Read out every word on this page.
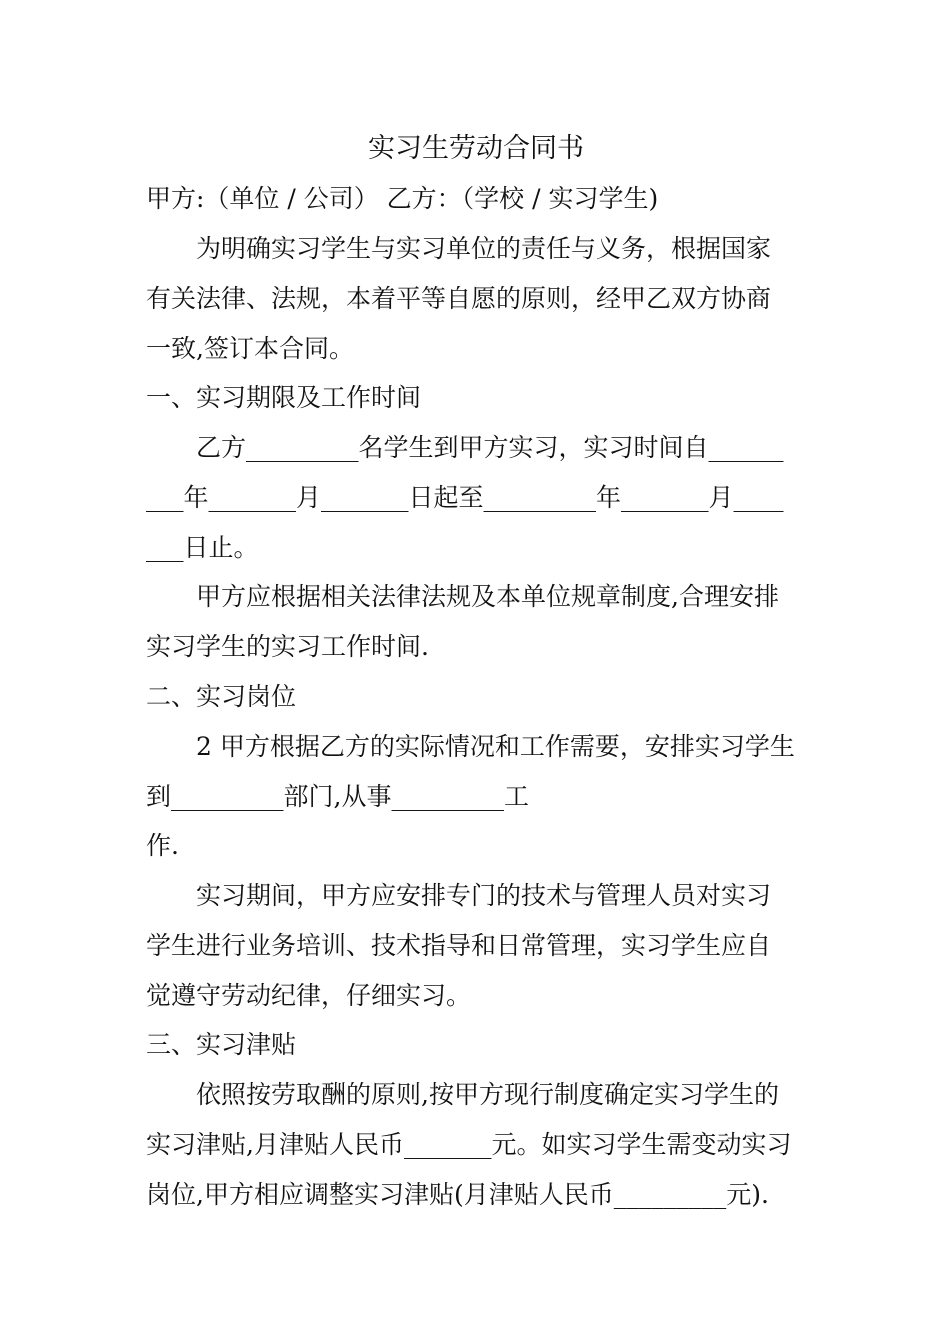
实习生劳动合同书
甲方:（单位 / 公司） 乙方：（学校 / 实习学生)
为明确实习学生与实习单位的责任与义务，根据国家
有关法律、法规，本着平等自愿的原则，经甲乙双方协商
一致,签订本合同。
一、实习期限及工作时间
乙方_________名学生到甲方实习，实习时间自______
___年_______月_______日起至_________年_______月____
___日止。
甲方应根据相关法律法规及本单位规章制度,合理安排
实习学生的实习工作时间.
二、实习岗位
2 甲方根据乙方的实际情况和工作需要，安排实习学生
到_________部门,从事_________工
作.
实习期间，甲方应安排专门的技术与管理人员对实习
学生进行业务培训、技术指导和日常管理，实习学生应自
觉遵守劳动纪律，仔细实习。
三、实习津贴
依照按劳取酬的原则,按甲方现行制度确定实习学生的
实习津贴,月津贴人民币_______元。如实习学生需变动实习
岗位,甲方相应调整实习津贴(月津贴人民币_________元).
